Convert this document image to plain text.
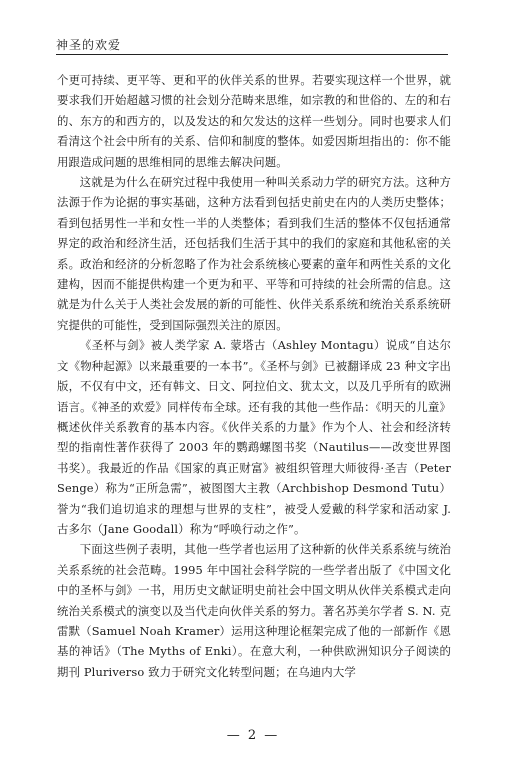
神圣的欢爱

个更可持续、更平等、更和平的伙伴关系的世界。若要实现这样一个世界，就要求我们开始超越习惯的社会划分范畴来思维，如宗教的和世俗的、左的和右的、东方的和西方的，以及发达的和欠发达的这样一些划分。同时也要求人们看清这个社会中所有的关系、信仰和制度的整体。如爱因斯坦指出的：你不能用跟造成问题的思维相同的思维去解决问题。

这就是为什么在研究过程中我使用一种叫关系动力学的研究方法。这种方法源于作为论据的事实基础，这种方法看到包括史前史在内的人类历史整体；看到包括男性一半和女性一半的人类整体；看到我们生活的整体不仅包括通常界定的政治和经济生活，还包括我们生活于其中的我们的家庭和其他私密的关系。政治和经济的分析忽略了作为社会系统核心要素的童年和两性关系的文化建构，因而不能提供构建一个更为和平、平等和可持续的社会所需的信息。这就是为什么关于人类社会发展的新的可能性、伙伴关系系统和统治关系系统研究提供的可能性，受到国际强烈关注的原因。

《圣杯与剑》被人类学家 A. 蒙塔古（Ashley Montagu）说成“自达尔文《物种起源》以来最重要的一本书”。《圣杯与剑》已被翻译成 23 种文字出版，不仅有中文，还有韩文、日文、阿拉伯文、犹太文，以及几乎所有的欧洲语言。《神圣的欢爱》同样传布全球。还有我的其他一些作品：《明天的儿童》概述伙伴关系教育的基本内容。《伙伴关系的力量》作为个人、社会和经济转型的指南性著作获得了 2003 年的鹦鹉螺图书奖（Nautilus——改变世界图书奖）。我最近的作品《国家的真正财富》被组织管理大师彼得·圣吉（Peter Senge）称为“正所急需”，被图图大主教（Archbishop Desmond Tutu）誉为“我们追切追求的理想与世界的支柱”，被受人爱戴的科学家和活动家 J. 古多尔（Jane Goodall）称为“呼唤行动之作”。

下面这些例子表明，其他一些学者也运用了这种新的伙伴关系系统与统治关系系统的社会范畴。1995 年中国社会科学院的一些学者出版了《中国文化中的圣杯与剑》一书，用历史文献证明史前社会中国文明从伙伴关系模式走向统治关系模式的演变以及当代走向伙伴关系的努力。著名苏美尔学者 S. N. 克雷默（Samuel Noah Kramer）运用这种理论框架完成了他的一部新作《恩基的神话》（The Myths of Enki）。在意大利，一种供欧洲知识分子阅读的期刊 Pluriverso 致力于研究文化转型问题；在乌迪内大学

— 2 —
